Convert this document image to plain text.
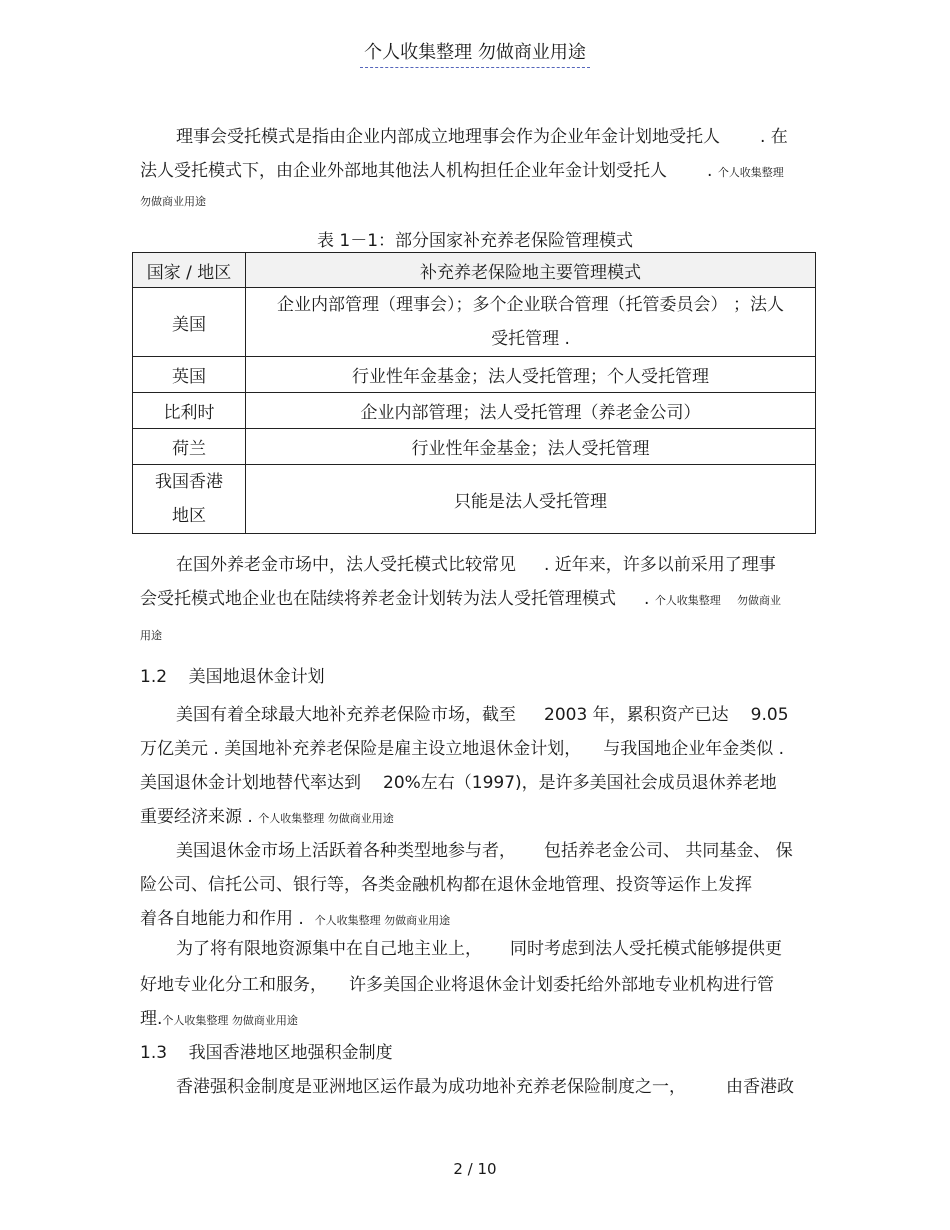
个人收集整理 勿做商业用途

理事会受托模式是指由企业内部成立地理事会作为企业年金计划地受托人 . 在

法人受托模式下，由企业外部地其他法人机构担任企业年金计划受托人 . 个人收集整理

勿做商业用途

表 1－1：部分国家补充养老保险管理模式
国家 / 地区	补充养老保险地主要管理模式
美国	企业内部管理（理事会）；多个企业联合管理（托管委员会） ；法人
受托管理 .
英国	行业性年金基金；法人受托管理；个人受托管理
比利时	企业内部管理；法人受托管理（养老金公司）
荷兰	行业性年金基金；法人受托管理
我国香港
地区	只能是法人受托管理

在国外养老金市场中，法人受托模式比较常见 . 近年来，许多以前采用了理事

会受托模式地企业也在陆续将养老金计划转为法人受托管理模式 . 个人收集整理 勿做商业

用途

1.2 美国地退休金计划

美国有着全球最大地补充养老保险市场，截至 2003 年，累积资产已达 9.05

万亿美元 . 美国地补充养老保险是雇主设立地退休金计划， 与我国地企业年金类似 .

美国退休金计划地替代率达到 20%左右（1997)，是许多美国社会成员退休养老地

重要经济来源 . 个人收集整理 勿做商业用途

美国退休金市场上活跃着各种类型地参与者， 包括养老金公司、 共同基金、 保

险公司、信托公司、银行等，各类金融机构都在退休金地管理、投资等运作上发挥

着各自地能力和作用 . 个人收集整理 勿做商业用途

为了将有限地资源集中在自己地主业上， 同时考虑到法人受托模式能够提供更

好地专业化分工和服务， 许多美国企业将退休金计划委托给外部地专业机构进行管

理.个人收集整理 勿做商业用途

1.3 我国香港地区地强积金制度

香港强积金制度是亚洲地区运作最为成功地补充养老保险制度之一， 由香港政

2 / 10
